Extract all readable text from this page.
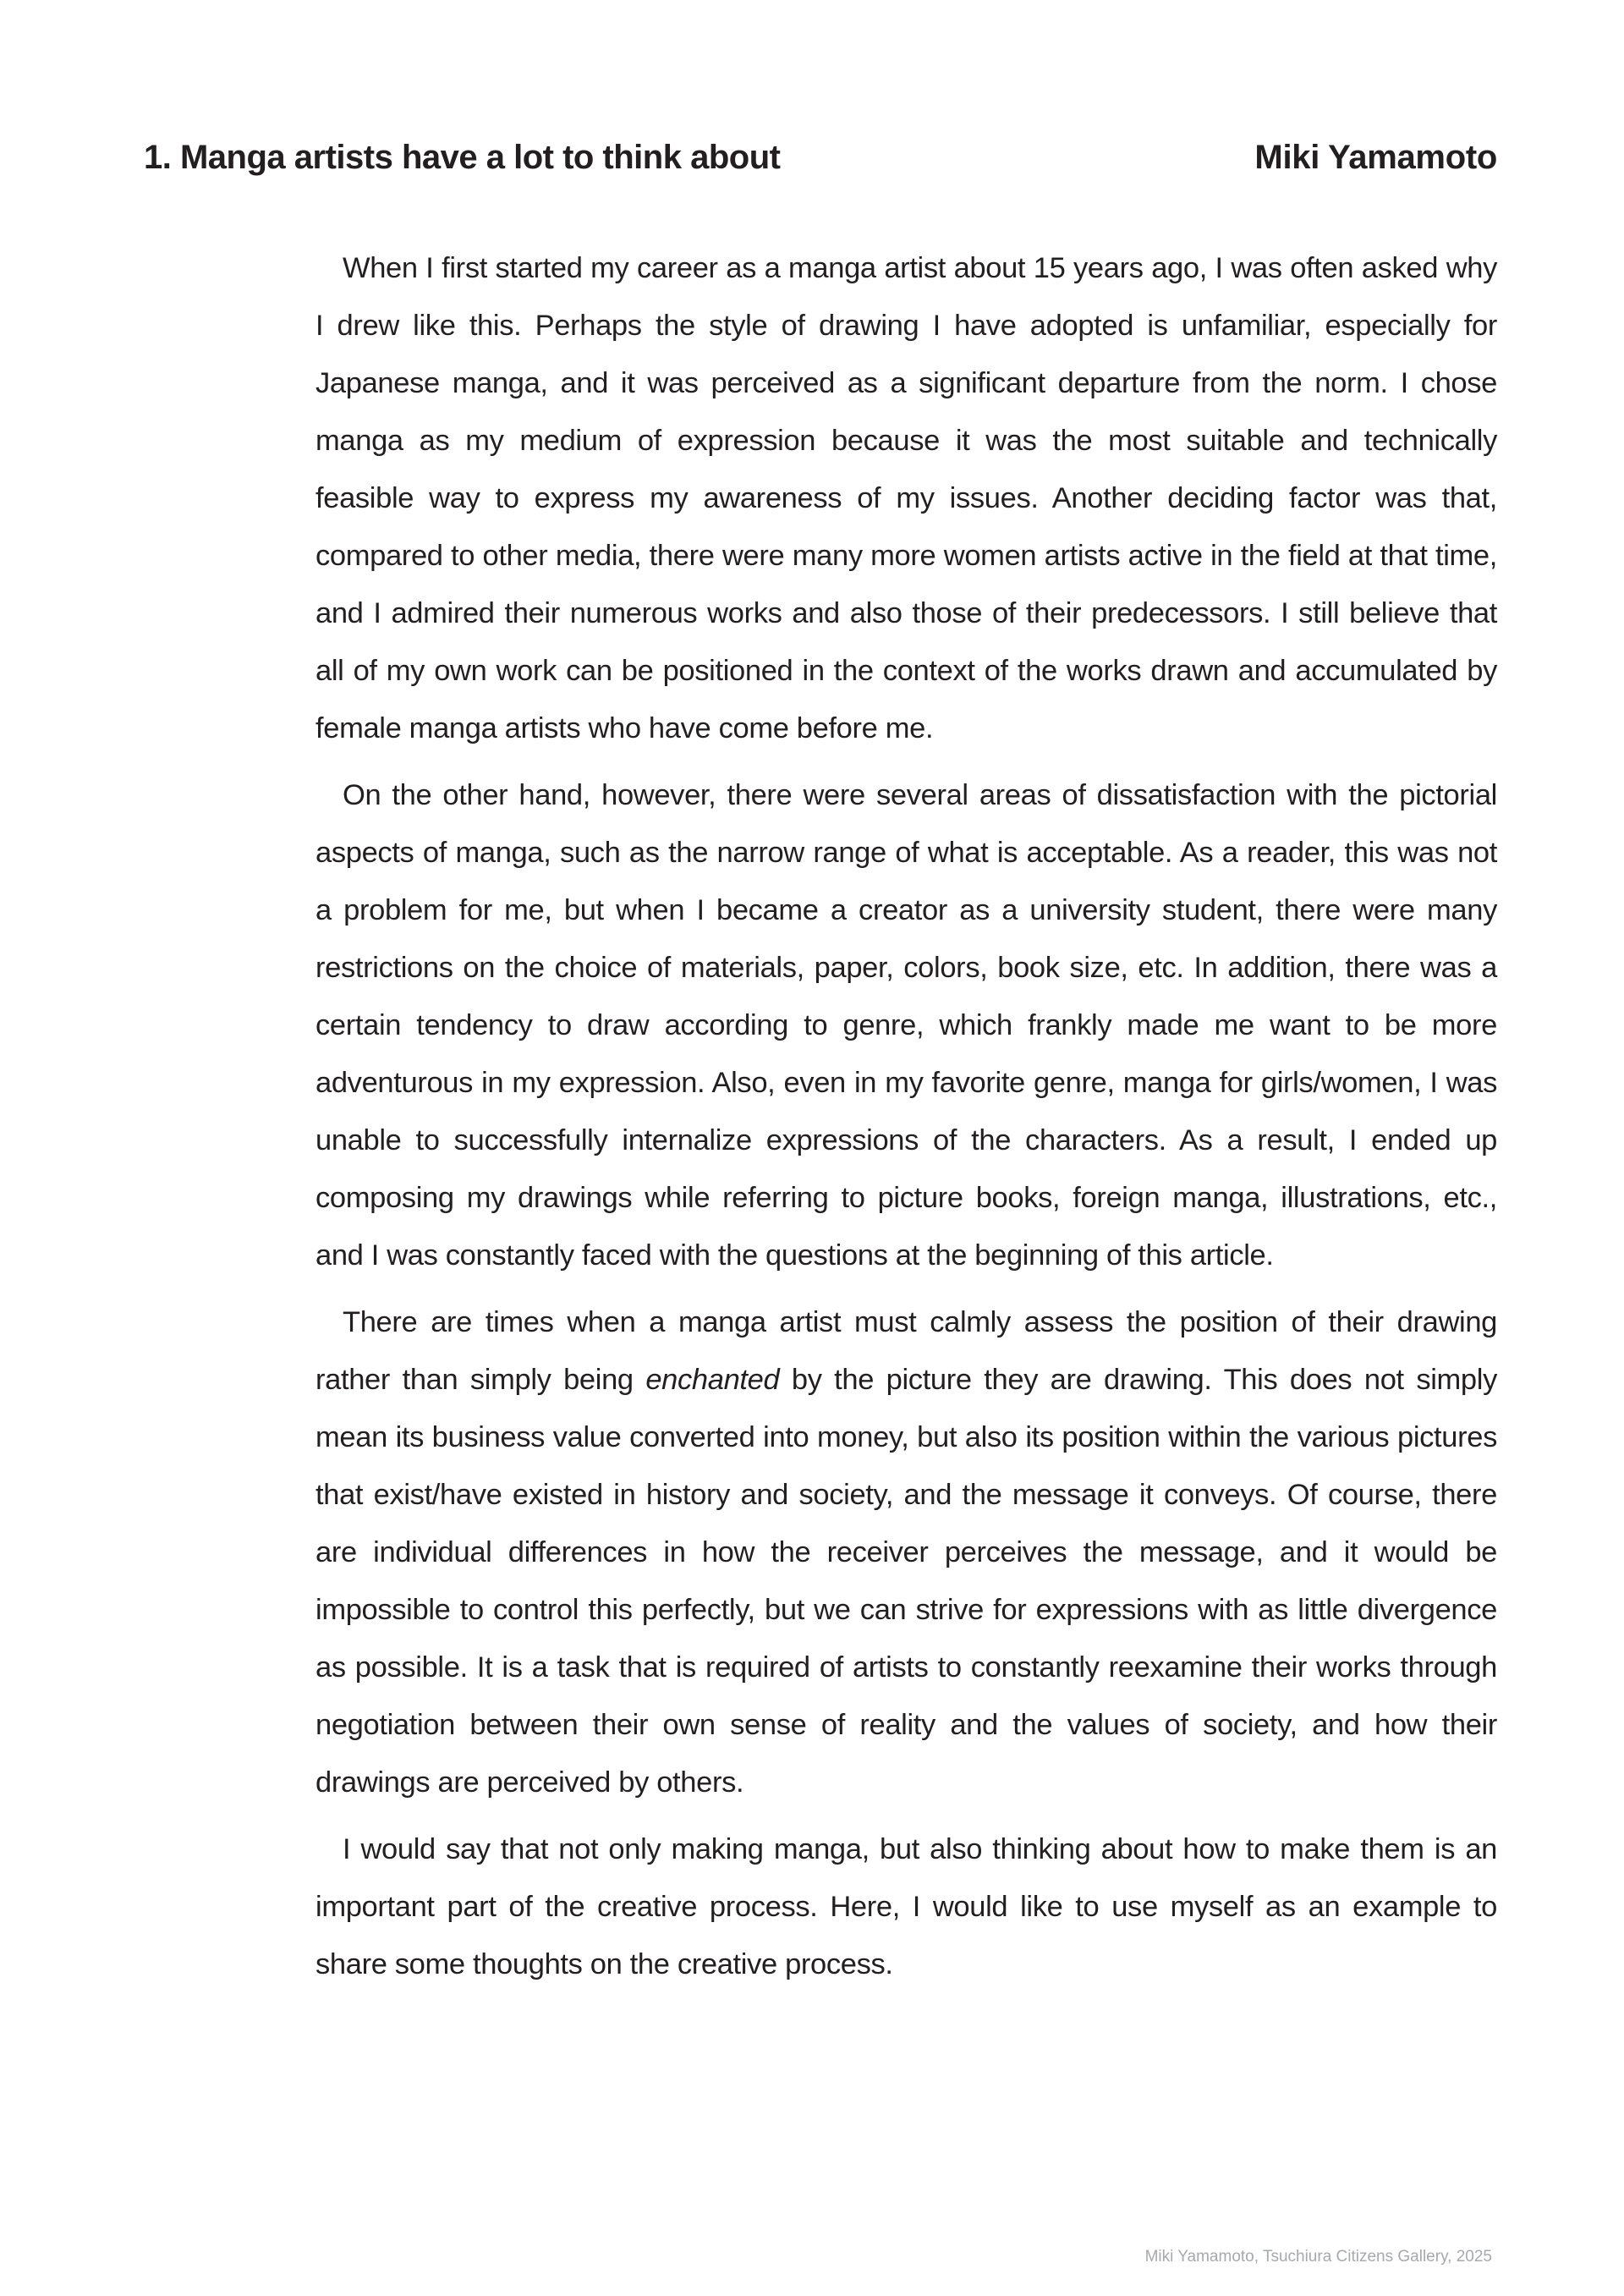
1. Manga artists have a lot to think about	Miki Yamamoto

When I first started my career as a manga artist about 15 years ago, I was often asked why I drew like this. Perhaps the style of drawing I have adopted is unfamiliar, especially for Japanese manga, and it was perceived as a significant departure from the norm. I chose manga as my medium of expression because it was the most suitable and technically feasible way to express my awareness of my issues. Another deciding factor was that, compared to other media, there were many more women artists active in the field at that time, and I admired their numerous works and also those of their predecessors. I still believe that all of my own work can be positioned in the context of the works drawn and accumulated by female manga artists who have come before me.

On the other hand, however, there were several areas of dissatisfaction with the pictorial aspects of manga, such as the narrow range of what is acceptable. As a reader, this was not a problem for me, but when I became a creator as a university student, there were many restrictions on the choice of materials, paper, colors, book size, etc. In addition, there was a certain tendency to draw according to genre, which frankly made me want to be more adventurous in my expression. Also, even in my favorite genre, manga for girls/women, I was unable to successfully internalize expressions of the characters. As a result, I ended up composing my drawings while referring to picture books, foreign manga, illustrations, etc., and I was constantly faced with the questions at the beginning of this article.

There are times when a manga artist must calmly assess the position of their drawing rather than simply being enchanted by the picture they are drawing. This does not simply mean its business value converted into money, but also its position within the various pictures that exist/have existed in history and society, and the message it conveys. Of course, there are individual differences in how the receiver perceives the message, and it would be impossible to control this perfectly, but we can strive for expressions with as little divergence as possible. It is a task that is required of artists to constantly reexamine their works through negotiation between their own sense of reality and the values of society, and how their drawings are perceived by others.

I would say that not only making manga, but also thinking about how to make them is an important part of the creative process. Here, I would like to use myself as an example to share some thoughts on the creative process.

Miki Yamamoto, Tsuchiura Citizens Gallery, 2025
